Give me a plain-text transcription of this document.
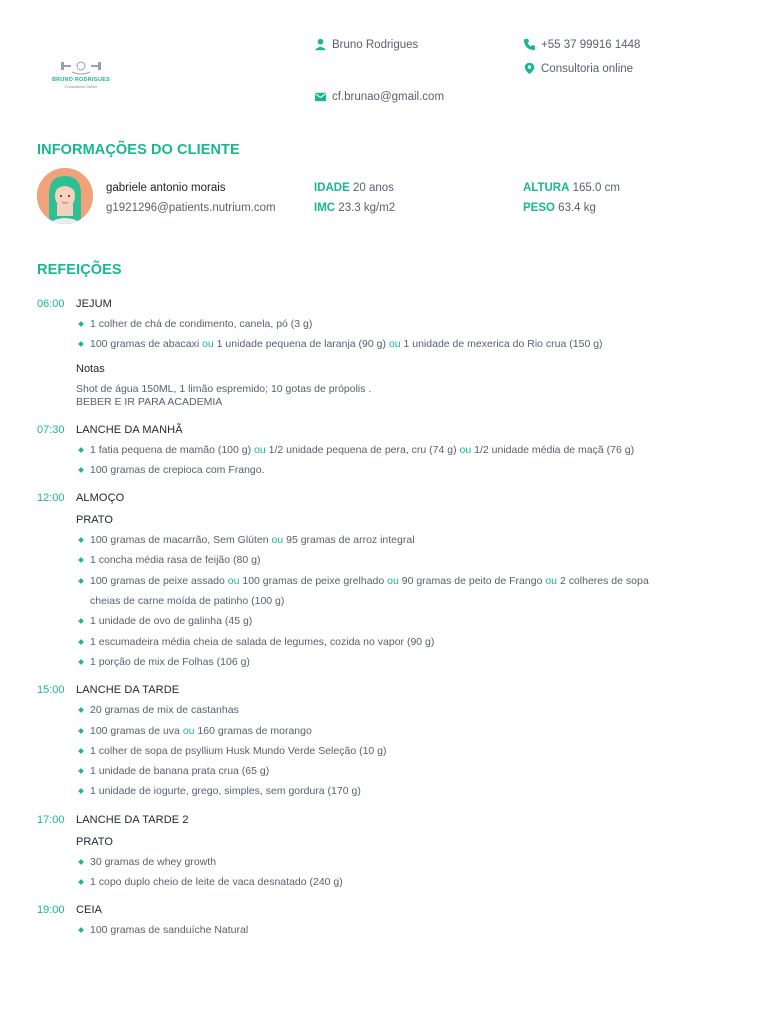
BRUNO RODRIGUES
Consultoria Online
Bruno Rodrigues	+55 37 99916 1448
Consultoria online
cf.brunao@gmail.com
INFORMAÇÕES DO CLIENTE
gabriele antonio morais
g1921296@patients.nutrium.com
IDADE 20 anos
IMC 23.3 kg/m2
ALTURA 165.0 cm
PESO 63.4 kg
REFEIÇÕES
06:00	JEJUM
1 colher de chá de condimento, canela, pó (3 g)
100 gramas de abacaxi ou 1 unidade pequena de laranja (90 g) ou 1 unidade de mexerica do Rio crua (150 g)
Notas
Shot de água 150ML, 1 limão espremido; 10 gotas de própolis .
BEBER E IR PARA ACADEMIA
07:30	LANCHE DA MANHÃ
1 fatia pequena de mamão (100 g) ou 1/2 unidade pequena de pera, cru (74 g) ou 1/2 unidade média de maçã (76 g)
100 gramas de crepioca com Frango.
12:00	ALMOÇO
PRATO
100 gramas de macarrão, Sem Glúten ou 95 gramas de arroz integral
1 concha média rasa de feijão (80 g)
100 gramas de peixe assado ou 100 gramas de peixe grelhado ou 90 gramas de peito de Frango ou 2 colheres de sopa cheias de carne moída de patinho (100 g)
1 unidade de ovo de galinha (45 g)
1 escumadeira média cheia de salada de legumes, cozida no vapor (90 g)
1 porção de mix de Folhas (106 g)
15:00	LANCHE DA TARDE
20 gramas de mix de castanhas
100 gramas de uva ou 160 gramas de morango
1 colher de sopa de psyllium Husk Mundo Verde Seleção (10 g)
1 unidade de banana prata crua (65 g)
1 unidade de iogurte, grego, simples, sem gordura (170 g)
17:00	LANCHE DA TARDE 2
PRATO
30 gramas de whey growth
1 copo duplo cheio de leite de vaca desnatado (240 g)
19:00	CEIA
100 gramas de sanduíche Natural
